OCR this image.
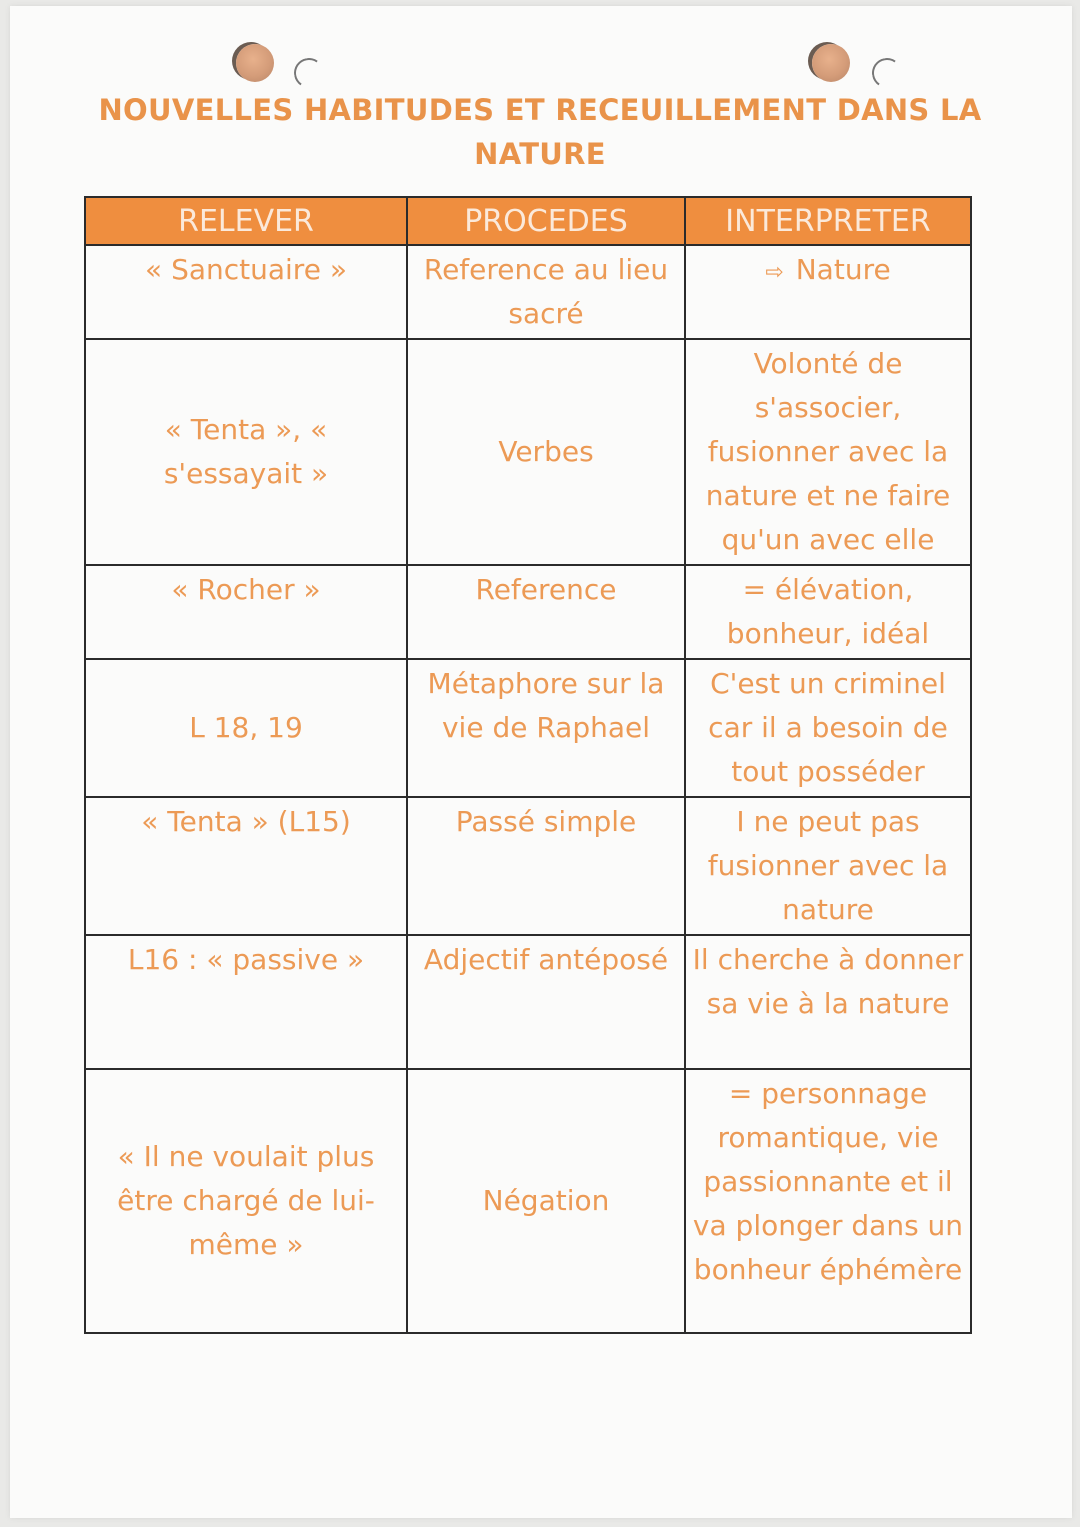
NOUVELLES HABITUDES ET RECEUILLEMENT DANS LA
NATURE
RELEVER	PROCEDES	INTERPRETER
« Sanctuaire »	Reference au lieu sacré	⇨ Nature
« Tenta », « s'essayait »	Verbes	Volonté de s'associer, fusionner avec la nature et ne faire qu'un avec elle
« Rocher »	Reference	= élévation, bonheur, idéal
L 18, 19	Métaphore sur la vie de Raphael	C'est un criminel car il a besoin de tout posséder
« Tenta » (L15)	Passé simple	I ne peut pas fusionner avec la nature
L16 : « passive »	Adjectif antéposé	Il cherche à donner sa vie à la nature
« Il ne voulait plus être chargé de lui-même »	Négation	= personnage romantique, vie passionnante et il va plonger dans un bonheur éphémère
